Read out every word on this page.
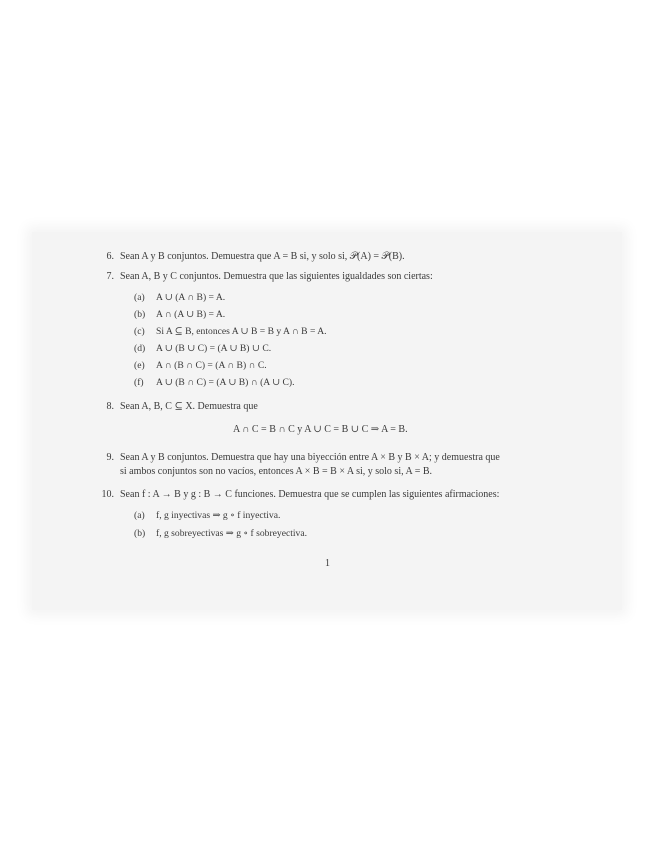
6. Sean A y B conjuntos. Demuestra que A = B si, y solo si, 𝒫(A) = 𝒫(B).
7. Sean A, B y C conjuntos. Demuestra que las siguientes igualdades son ciertas:
(a) A ∪ (A ∩ B) = A.
(b) A ∩ (A ∪ B) = A.
(c) Si A ⊆ B, entonces A ∪ B = B y A ∩ B = A.
(d) A ∪ (B ∪ C) = (A ∪ B) ∪ C.
(e) A ∩ (B ∩ C) = (A ∩ B) ∩ C.
(f) A ∪ (B ∩ C) = (A ∪ B) ∩ (A ∪ C).
8. Sean A, B, C ⊆ X. Demuestra que
A ∩ C = B ∩ C y A ∪ C = B ∪ C ⇒ A = B.
9. Sean A y B conjuntos. Demuestra que hay una biyección entre A × B y B × A; y demuestra que
si ambos conjuntos son no vacíos, entonces A × B = B × A si, y solo si, A = B.
10. Sean f : A → B y g : B → C funciones. Demuestra que se cumplen las siguientes afirmaciones:
(a) f, g inyectivas ⇒ g ∘ f inyectiva.
(b) f, g sobreyectivas ⇒ g ∘ f sobreyectiva.
1
